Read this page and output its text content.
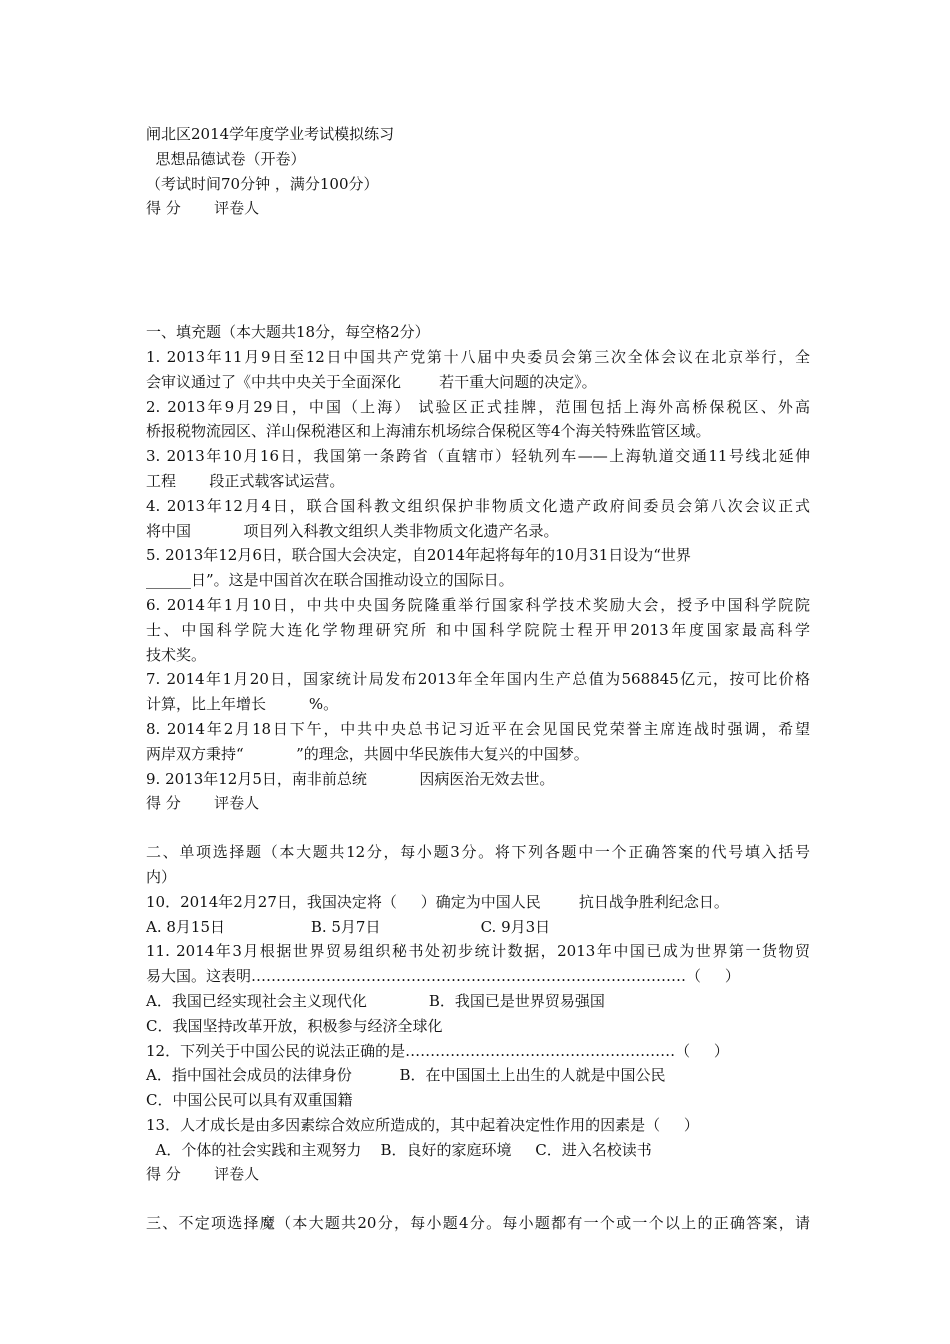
闸北区2014学年度学业考试模拟练习

思想品德试卷（开卷）

（考试时间70分钟 ，满分100分）

得 分       评卷人

一、填充题（本大题共18分，每空格2分）

1. 2013年11月9日至12日中国共产党第十八届中央委员会第三次全体会议在北京举行，全

会审议通过了《中共中央关于全面深化        若干重大问题的决定》。

2. 2013年9月29日，中国（上海） 试验区正式挂牌，范围包括上海外高桥保税区、外高

桥报税物流园区、洋山保税港区和上海浦东机场综合保税区等4个海关特殊监管区域。

3. 2013年10月16日，我国第一条跨省（直辖市）轻轨列车——上海轨道交通11号线北延伸

工程       段正式载客试运营。

4. 2013年12月4日，联合国科教文组织保护非物质文化遗产政府间委员会第八次会议正式

将中国           项目列入科教文组织人类非物质文化遗产名录。

5. 2013年12月6日，联合国大会决定，自2014年起将每年的10月31日设为“世界

______日”。这是中国首次在联合国推动设立的国际日。

6. 2014年1月10日，中共中央国务院隆重举行国家科学技术奖励大会，授予中国科学院院

士、中国科学院大连化学物理研究所 和中国科学院院士程开甲2013年度国家最高科学

技术奖。

7. 2014年1月20日，国家统计局发布2013年全年国内生产总值为568845亿元，按可比价格

计算，比上年增长         %。

8. 2014年2月18日下午，中共中央总书记习近平在会见国民党荣誉主席连战时强调，希望

两岸双方秉持“           ”的理念，共圆中华民族伟大复兴的中国梦。

9. 2013年12月5日，南非前总统           因病医治无效去世。

得 分       评卷人

二、单项选择题（本大题共12分，每小题3分。将下列各题中一个正确答案的代号填入括号

内）

10．2014年2月27日，我国决定将（     ）确定为中国人民        抗日战争胜利纪念日。

A. 8月15日                  B. 5月7日                     C. 9月3日

11. 2014年3月根据世界贸易组织秘书处初步统计数据，2013年中国已成为世界第一货物贸

易大国。这表明……………………………………………………………………………（     ）

A．我国已经实现社会主义现代化             B．我国已是世界贸易强国

C．我国坚持改革开放，积极参与经济全球化

12．下列关于中国公民的说法正确的是………………………………………………（     ）

A．指中国社会成员的法律身份          B．在中国国土上出生的人就是中国公民

C．中国公民可以具有双重国籍

13．人才成长是由多因素综合效应所造成的，其中起着决定性作用的因素是（     ）

A．个体的社会实践和主观努力    B．良好的家庭环境     C．进入名校读书

得 分       评卷人

三、不定项选择魔（本大题共20分，每小题4分。每小题都有一个或一个以上的正确答案，请
